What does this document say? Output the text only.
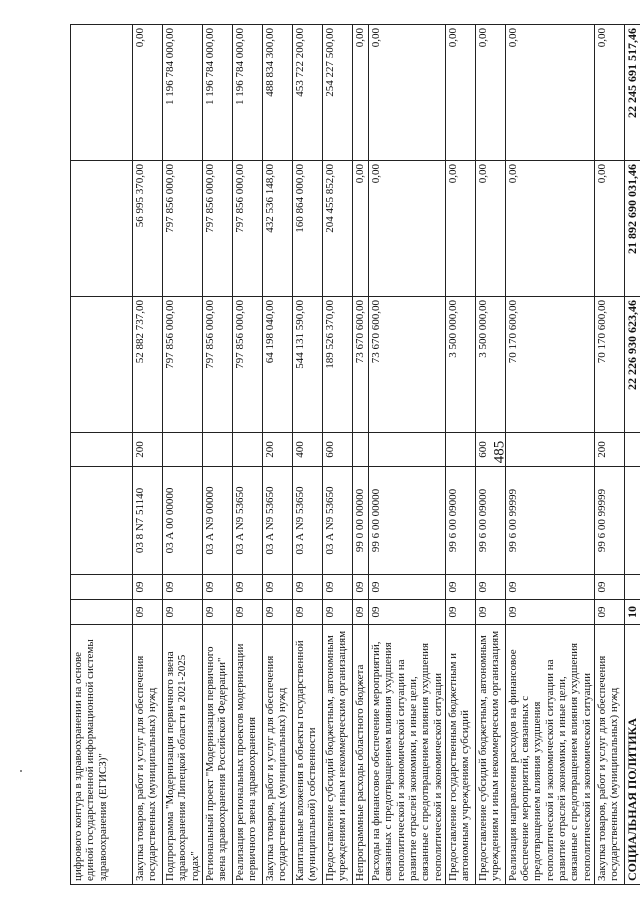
485
цифрового контура в здравоохранении на основе единой государственной информационной системы здравоохранения (ЕГИСЗ)"							
Закупка товаров, работ и услуг для обеспечения государственных (муниципальных) нужд	09	09	03 8 N7 51140	200	52 882 737,00	56 995 370,00	0,00
Подпрограмма "Модернизация первичного звена здравоохранения Липецкой области в 2021-2025 годах"	09	09	03 А 00 00000		797 856 000,00	797 856 000,00	1 196 784 000,00
Региональный проект "Модернизация первичного звена здравоохранения Российской Федерации"	09	09	03 А N9 00000		797 856 000,00	797 856 000,00	1 196 784 000,00
Реализация региональных проектов модернизации первичного звена здравоохранения	09	09	03 А N9 53650		797 856 000,00	797 856 000,00	1 196 784 000,00
Закупка товаров, работ и услуг для обеспечения государственных (муниципальных) нужд	09	09	03 А N9 53650	200	64 198 040,00	432 536 148,00	488 834 300,00
Капитальные вложения в объекты государственной (муниципальной) собственности	09	09	03 А N9 53650	400	544 131 590,00	160 864 000,00	453 722 200,00
Предоставление субсидий бюджетным, автономным учреждениям и иным некоммерческим организациям	09	09	03 А N9 53650	600	189 526 370,00	204 455 852,00	254 227 500,00
Непрограммные расходы областного бюджета	09	09	99 0 00 00000		73 670 600,00	0,00	0,00
Расходы на финансовое обеспечение мероприятий, связанных с предотвращением влияния ухудшения геополитической и экономической ситуации на развитие отраслей экономики, и иные цели, связанные с предотвращением влияния ухудшения геополитической и экономической ситуации	09	09	99 6 00 00000		73 670 600,00	0,00	0,00
Предоставление государственным бюджетным и автономным учреждениям субсидий	09	09	99 6 00 09000		3 500 000,00	0,00	0,00
Предоставление субсидий бюджетным, автономным учреждениям и иным некоммерческим организациям	09	09	99 6 00 09000	600	3 500 000,00	0,00	0,00
Реализация направления расходов на финансовое обеспечение мероприятий, связанных с предотвращением влияния ухудшения геополитической и экономической ситуации на развитие отраслей экономики, и иные цели, связанные с предотвращением влияния ухудшения геополитической и экономической ситуации	09	09	99 6 00 99999		70 170 600,00	0,00	0,00
Закупка товаров, работ и услуг для обеспечения государственных (муниципальных) нужд	09	09	99 6 00 99999	200	70 170 600,00	0,00	0,00
СОЦИАЛЬНАЯ ПОЛИТИКА	10				22 226 930 623,46	21 892 690 031,46	22 245 691 517,46
